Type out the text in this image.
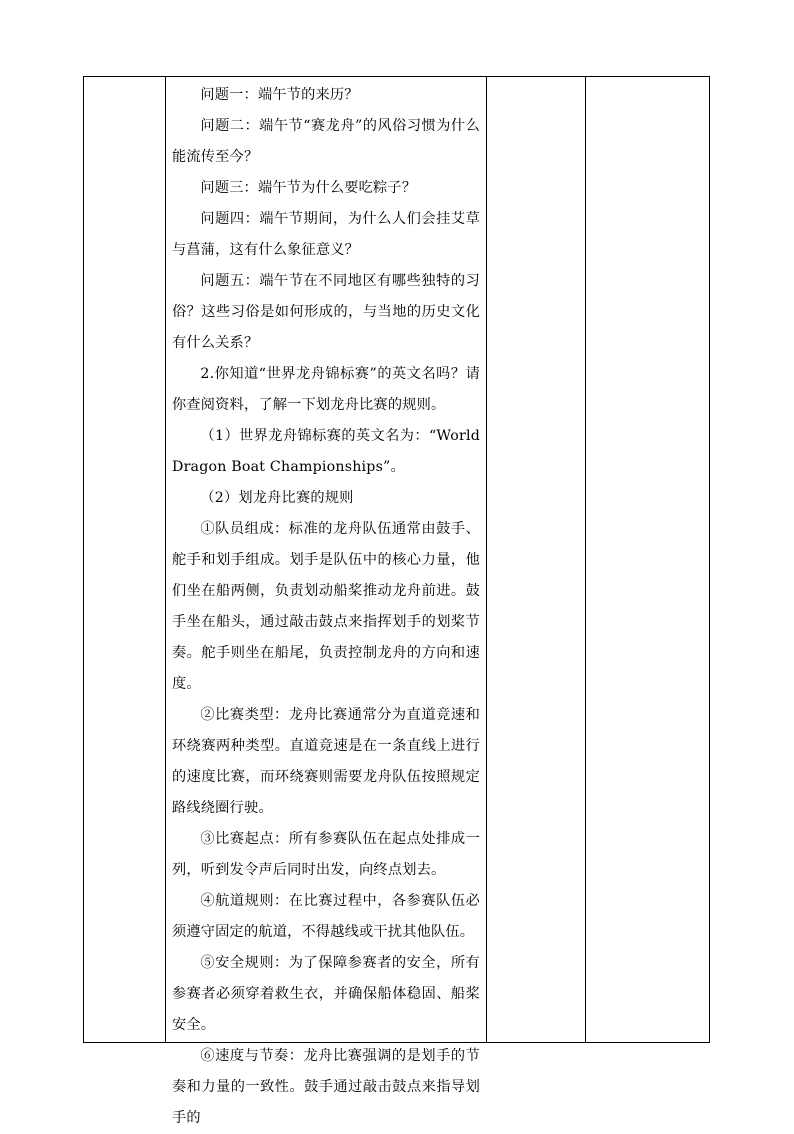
问题一：端午节的来历？

问题二：端午节“赛龙舟”的风俗习惯为什么能流传至今？

问题三：端午节为什么要吃粽子？

问题四：端午节期间，为什么人们会挂艾草与菖蒲，这有什么象征意义？

问题五：端午节在不同地区有哪些独特的习俗？这些习俗是如何形成的，与当地的历史文化有什么关系？

2.你知道“世界龙舟锦标赛”的英文名吗？请你查阅资料，了解一下划龙舟比赛的规则。

（1）世界龙舟锦标赛的英文名为：“World Dragon Boat Championships”。

（2）划龙舟比赛的规则

①队员组成：标准的龙舟队伍通常由鼓手、舵手和划手组成。划手是队伍中的核心力量，他们坐在船两侧，负责划动船桨推动龙舟前进。鼓手坐在船头，通过敲击鼓点来指挥划手的划桨节奏。舵手则坐在船尾，负责控制龙舟的方向和速度。

②比赛类型：龙舟比赛通常分为直道竞速和环绕赛两种类型。直道竞速是在一条直线上进行的速度比赛，而环绕赛则需要龙舟队伍按照规定路线绕圈行驶。

③比赛起点：所有参赛队伍在起点处排成一列，听到发令声后同时出发，向终点划去。

④航道规则：在比赛过程中，各参赛队伍必须遵守固定的航道，不得越线或干扰其他队伍。

⑤安全规则：为了保障参赛者的安全，所有参赛者必须穿着救生衣，并确保船体稳固、船桨安全。

⑥速度与节奏：龙舟比赛强调的是划手的节奏和力量的一致性。鼓手通过敲击鼓点来指导划手的
